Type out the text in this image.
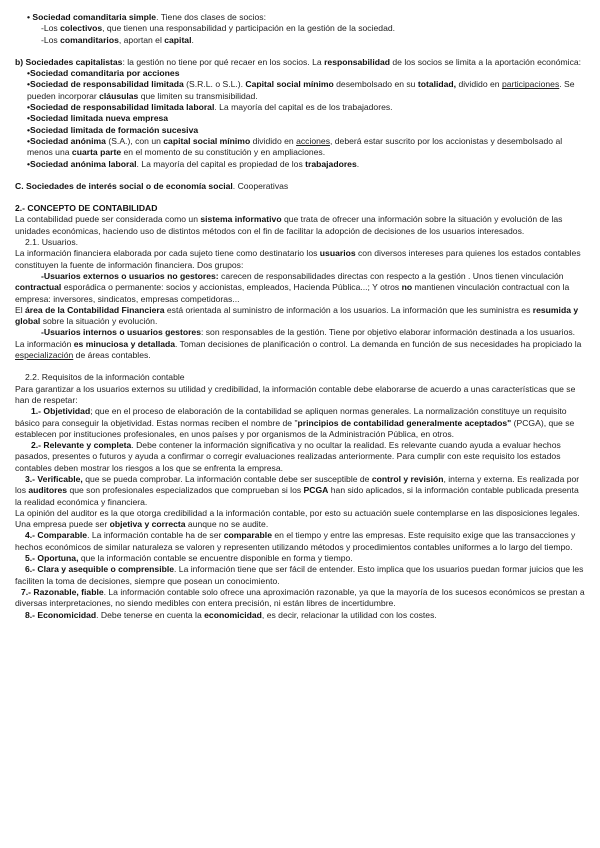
• Sociedad comanditaria simple. Tiene dos clases de socios:

-Los colectivos, que tienen una responsabilidad y participación en la gestión de la sociedad.

-Los comanditarios, aportan el capital.

b) Sociedades capitalistas: la gestión no tiene por qué recaer en los socios. La responsabilidad de los socios se limita a la aportación económica:

•Sociedad comanditaria por acciones

•Sociedad de responsabilidad limitada (S.R.L. o S.L.). Capital social mínimo desembolsado en su totalidad, dividido en participaciones. Se pueden incorporar cláusulas que limiten su transmisibilidad.

•Sociedad de responsabilidad limitada laboral. La mayoría del capital es de los trabajadores.

•Sociedad limitada nueva empresa

•Sociedad limitada de formación sucesiva

•Sociedad anónima (S.A.), con un capital social mínimo dividido en acciones, deberá estar suscrito por los accionistas y desembolsado al menos una cuarta parte en el momento de su constitución y en ampliaciones.

•Sociedad anónima laboral. La mayoría del capital es propiedad de los trabajadores.

C. Sociedades de interés social o de economía social. Cooperativas

2.- CONCEPTO DE CONTABILIDAD

La contabilidad puede ser considerada como un sistema informativo que trata de ofrecer una información sobre la situación y evolución de las unidades económicas, haciendo uso de distintos métodos con el fin de facilitar la adopción de decisiones de los usuarios interesados.

2.1. Usuarios.

La información financiera elaborada por cada sujeto tiene como destinatario los usuarios con diversos intereses para quienes los estados contables constituyen la fuente de información financiera. Dos grupos:

-Usuarios externos o usuarios no gestores: carecen de responsabilidades directas con respecto a la gestión . Unos tienen vinculación contractual esporádica o permanente: socios y accionistas, empleados, Hacienda Pública...; Y otros no mantienen vinculación contractual con la empresa: inversores, sindicatos, empresas competidoras...

El área de la Contabilidad Financiera está orientada al suministro de información a los usuarios. La información que les suministra es resumida y global sobre la situación y evolución.

-Usuarios internos o usuarios gestores: son responsables de la gestión. Tiene por objetivo elaborar información destinada a los usuarios. La información es minuciosa y detallada. Toman decisiones de planificación o control. La demanda en función de sus necesidades ha propiciado la especialización de áreas contables.

2.2. Requisitos de la información contable

Para garantizar a los usuarios externos su utilidad y credibilidad, la información contable debe elaborarse de acuerdo a unas características que se han de respetar:

1.- Objetividad; que en el proceso de elaboración de la contabilidad se apliquen normas generales. La normalización constituye un requisito básico para conseguir la objetividad. Estas normas reciben el nombre de "principios de contabilidad generalmente aceptados" (PCGA), que se establecen por instituciones profesionales, en unos países y por organismos de la Administración Pública, en otros.

2.- Relevante y completa. Debe contener la información significativa y no ocultar la realidad. Es relevante cuando ayuda a evaluar hechos pasados, presentes o futuros y ayuda a confirmar o corregir evaluaciones realizadas anteriormente. Para cumplir con este requisito los estados contables deben mostrar los riesgos a los que se enfrenta la empresa.

3.- Verificable, que se pueda comprobar. La información contable debe ser susceptible de control y revisión, interna y externa. Es realizada por los auditores que son profesionales especializados que comprueban si los PCGA han sido aplicados, si la información contable publicada presenta la realidad económica y financiera.

La opinión del auditor es la que otorga credibilidad a la información contable, por esto su actuación suele contemplarse en las disposiciones legales. Una empresa puede ser objetiva y correcta aunque no se audite.

4.- Comparable. La información contable ha de ser comparable en el tiempo y entre las empresas. Este requisito exige que las transacciones y hechos económicos de similar naturaleza se valoren y representen utilizando métodos y procedimientos contables uniformes a lo largo del tiempo.

5.- Oportuna, que la información contable se encuentre disponible en forma y tiempo.

6.- Clara y asequible o comprensible. La información tiene que ser fácil de entender. Esto implica que los usuarios puedan formar juicios que les faciliten la toma de decisiones, siempre que posean un conocimiento.

7.- Razonable, fiable. La información contable solo ofrece una aproximación razonable, ya que la mayoría de los sucesos económicos se prestan a diversas interpretaciones, no siendo medibles con entera precisión, ni están libres de incertidumbre.

8.- Economicidad. Debe tenerse en cuenta la economicidad, es decir, relacionar la utilidad con los costes.
